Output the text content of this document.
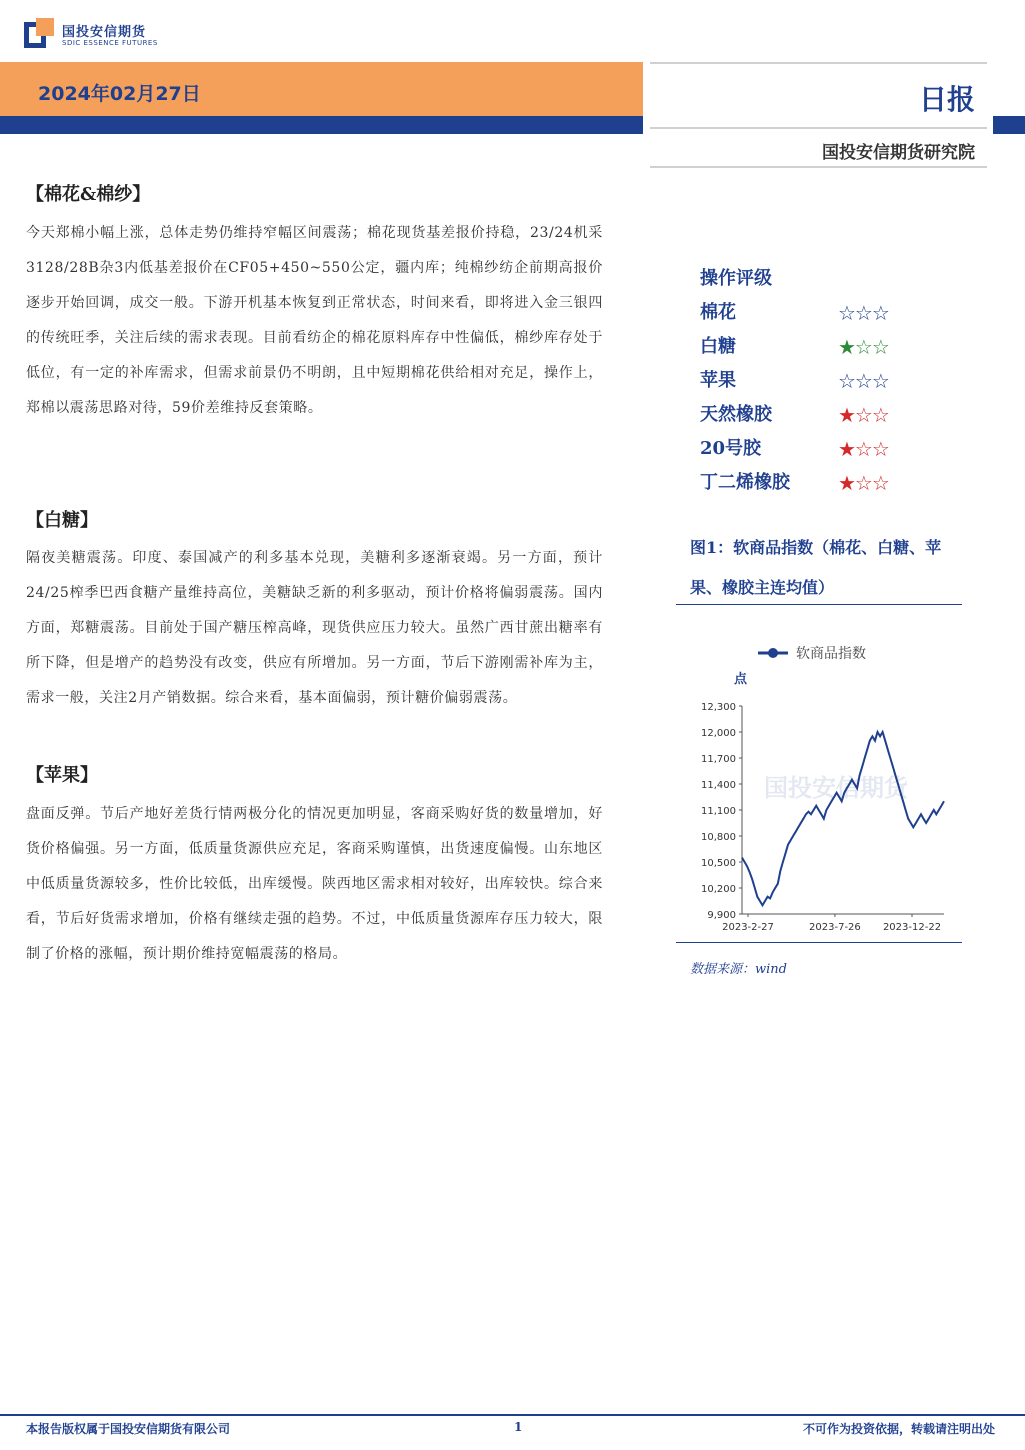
国投安信期货
SDIC ESSENCE FUTURES
2024年02月27日	日报
国投安信期货研究院
【棉花&棉纱】
今天郑棉小幅上涨，总体走势仍维持窄幅区间震荡；棉花现货基差报价持稳，23/24机采3128/28B杂3内低基差报价在CF05+450~550公定，疆内库；纯棉纱纺企前期高报价逐步开始回调，成交一般。下游开机基本恢复到正常状态，时间来看，即将进入金三银四的传统旺季，关注后续的需求表现。目前看纺企的棉花原料库存中性偏低，棉纱库存处于低位，有一定的补库需求，但需求前景仍不明朗，且中短期棉花供给相对充足，操作上，郑棉以震荡思路对待，59价差维持反套策略。
【白糖】
隔夜美糖震荡。印度、泰国减产的利多基本兑现，美糖利多逐渐衰竭。另一方面，预计24/25榨季巴西食糖产量维持高位，美糖缺乏新的利多驱动，预计价格将偏弱震荡。国内方面，郑糖震荡。目前处于国产糖压榨高峰，现货供应压力较大。虽然广西甘蔗出糖率有所下降，但是增产的趋势没有改变，供应有所增加。另一方面，节后下游刚需补库为主，需求一般，关注2月产销数据。综合来看，基本面偏弱，预计糖价偏弱震荡。
【苹果】
盘面反弹。节后产地好差货行情两极分化的情况更加明显，客商采购好货的数量增加，好货价格偏强。另一方面，低质量货源供应充足，客商采购谨慎，出货速度偏慢。山东地区中低质量货源较多，性价比较低，出库缓慢。陕西地区需求相对较好，出库较快。综合来看，节后好货需求增加，价格有继续走强的趋势。不过，中低质量货源库存压力较大，限制了价格的涨幅，预计期价维持宽幅震荡的格局。
操作评级
棉花	☆☆☆
白糖	★☆☆
苹果	☆☆☆
天然橡胶	★☆☆
20号胶	★☆☆
丁二烯橡胶 ★☆☆
图1：软商品指数（棉花、白糖、苹果、橡胶主连均值）
软商品指数
点
9,900
10,200
10,500
10,800
11,100
11,400
11,700
12,000
12,300
2023-2-27	2023-7-26 2023-12-22
国投安信期货
数据来源：wind
本报告版权属于国投安信期货有限公司	1	不可作为投资依据，转载请注明出处
